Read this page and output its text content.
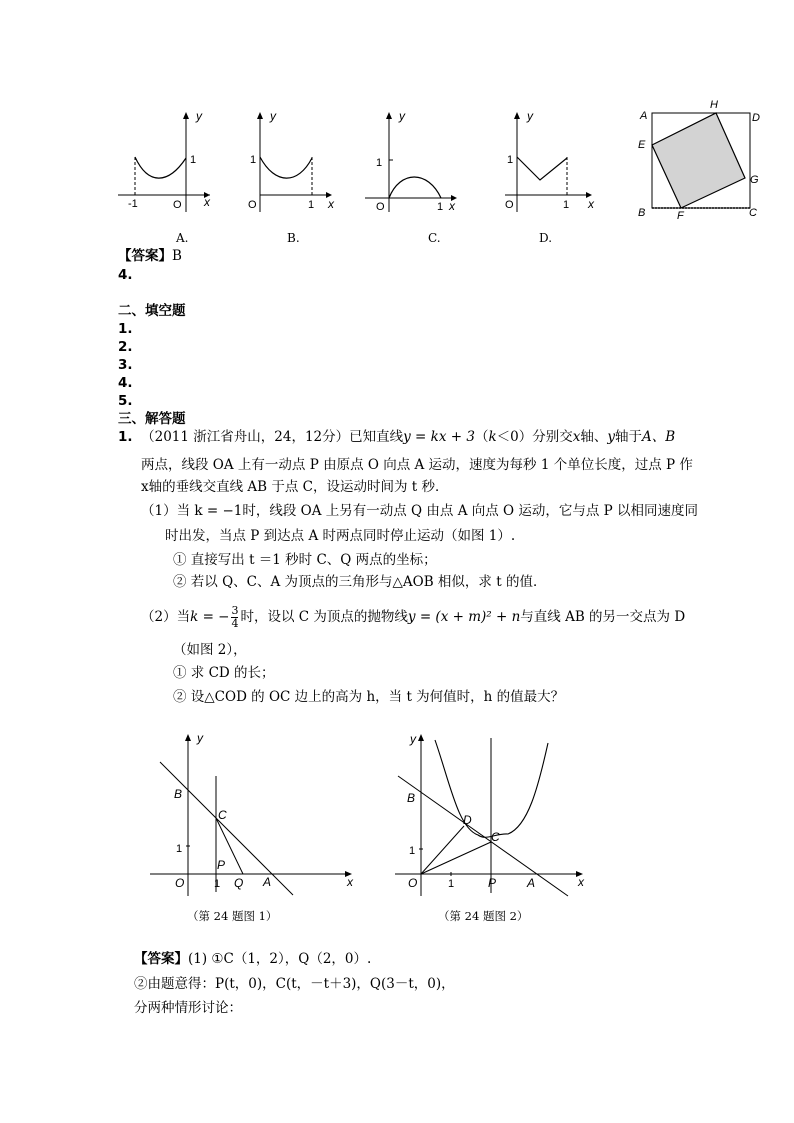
y
1
-1	O x
y
1
O	1 x
y
1
O	1 x
y
1
O	1 x
A.	B.	C.	D.
A
H
D
E
G
B	F	C
【答案】B
4.
二、填空题
1.
2.
3.
4.
5.
三、解答题
1. （2011 浙江省舟山，24，12分）已知直线y = kx + 3（k＜0）分别交x轴、y轴于A、B
两点，线段 OA 上有一动点 P 由原点 O 向点 A 运动，速度为每秒 1 个单位长度，过点 P 作
x轴的垂线交直线 AB 于点 C，设运动时间为 t 秒．
（1）当 k = −1时，线段 OA 上另有一动点 Q 由点 A 向点 O 运动，它与点 P 以相同速度同
时出发，当点 P 到达点 A 时两点同时停止运动（如图 1）.
① 直接写出 t ＝1 秒时 C、Q 两点的坐标；
② 若以 Q、C、A 为顶点的三角形与△AOB 相似，求 t 的值．
（2）当k = − $\frac{3}{4}$ 时，设以 C 为顶点的抛物线y = (x + m)² + n与直线 AB 的另一交点为 D
（如图 2），
① 求 CD 的长；
② 设△COD 的 OC 边上的高为 h，当 t 为何值时，h 的值最大？
y
B
C
1
P
O	1 Q A	x
（第 24 题图 1）
y
B
D
C
1
O	1	P	A	x
（第 24 题图 2）
【答案】(1) ①C（1，2），Q（2，0）.
②由题意得：P(t，0)，C(t，－t＋3)，Q(3－t，0)，
分两种情形讨论：
